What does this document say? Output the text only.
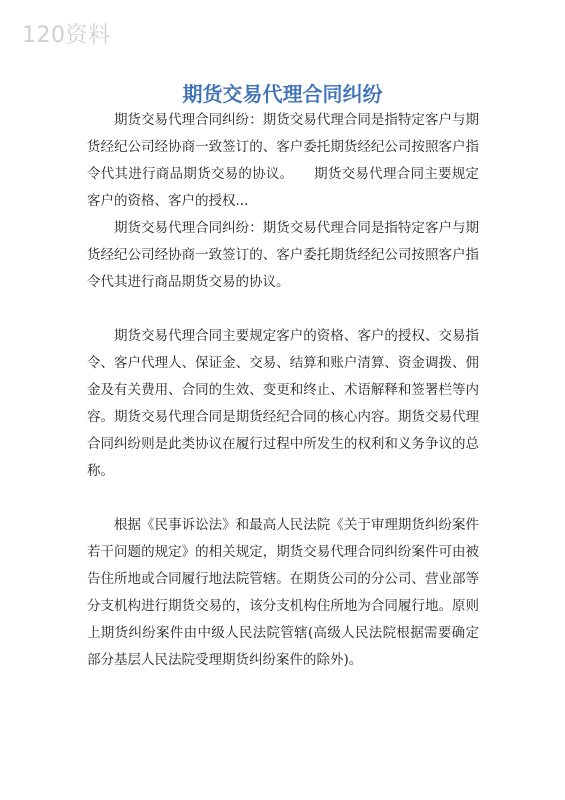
120资料
期货交易代理合同纠纷

期货交易代理合同纠纷：期货交易代理合同是指特定客户与期货经纪公司经协商一致签订的、客户委托期货经纪公司按照客户指令代其进行商品期货交易的协议。　　期货交易代理合同主要规定客户的资格、客户的授权...

期货交易代理合同纠纷：期货交易代理合同是指特定客户与期货经纪公司经协商一致签订的、客户委托期货经纪公司按照客户指令代其进行商品期货交易的协议。

期货交易代理合同主要规定客户的资格、客户的授权、交易指令、客户代理人、保证金、交易、结算和账户清算、资金调拨、佣金及有关费用、合同的生效、变更和终止、术语解释和签署栏等内容。期货交易代理合同是期货经纪合同的核心内容。期货交易代理合同纠纷则是此类协议在履行过程中所发生的权利和义务争议的总称。

根据《民事诉讼法》和最高人民法院《关于审理期货纠纷案件若干问题的规定》的相关规定，期货交易代理合同纠纷案件可由被告住所地或合同履行地法院管辖。在期货公司的分公司、营业部等分支机构进行期货交易的，该分支机构住所地为合同履行地。原则上期货纠纷案件由中级人民法院管辖(高级人民法院根据需要确定部分基层人民法院受理期货纠纷案件的除外)。
